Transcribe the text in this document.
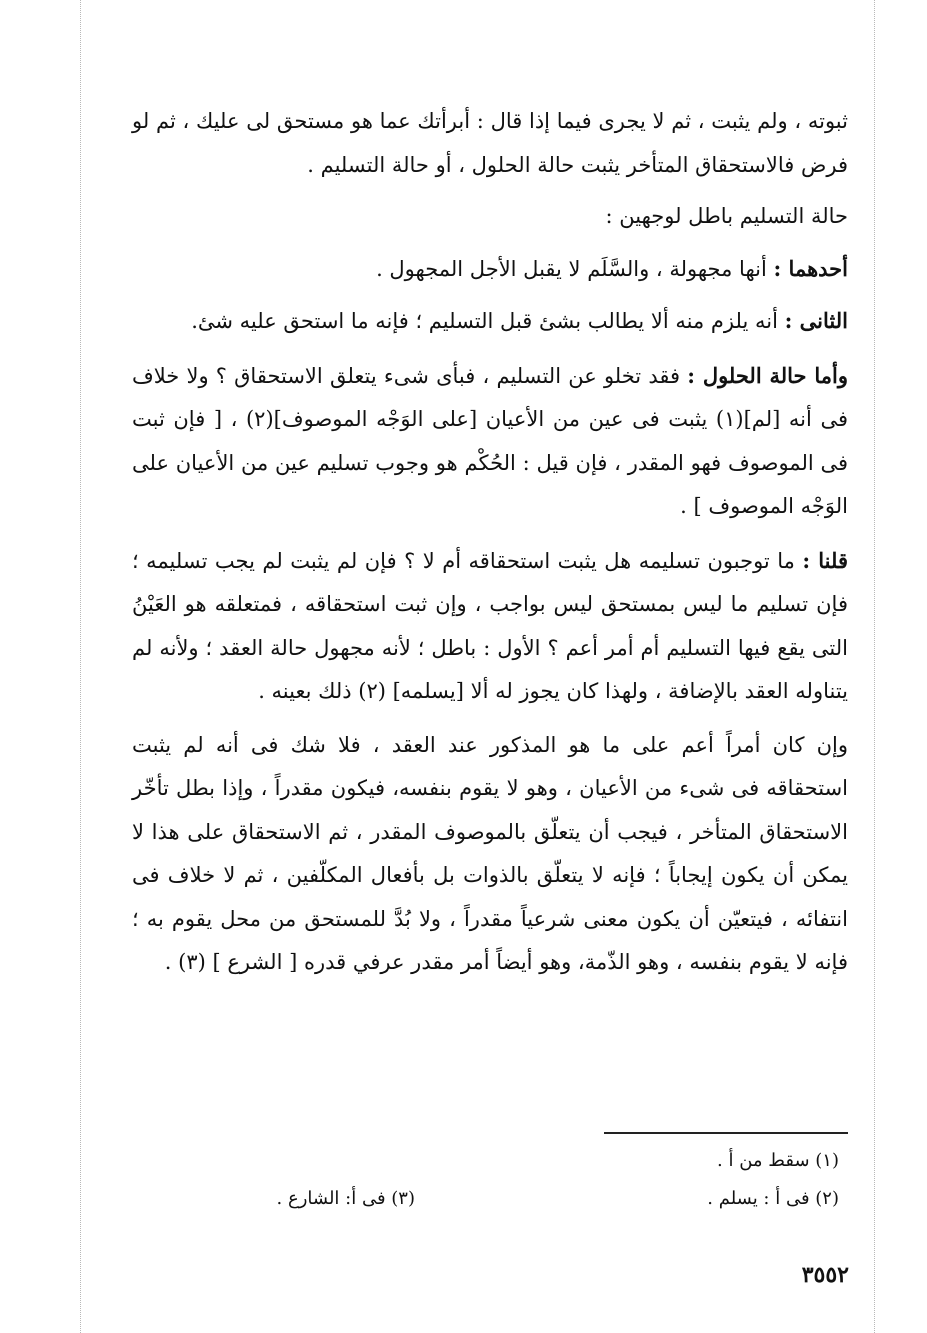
ثبوته ، ولم يثبت ، ثم لا يجرى فيما إذا قال : أبرأتك عما هو مستحق لى عليك ، ثم لو فرض فالاستحقاق المتأخر يثبت حالة الحلول ، أو حالة التسليم .

حالة التسليم باطل لوجهين :

أحدهما : أنها مجهولة ، والسَّلَم لا يقبل الأجل المجهول .

الثانى : أنه يلزم منه ألا يطالب بشئ قبل التسليم ؛ فإنه ما استحق عليه شئ.

وأما حالة الحلول : فقد تخلو عن التسليم ، فبأى شىء يتعلق الاستحقاق ؟ ولا خلاف فى أنه [لم](١) يثبت فى عين من الأعيان [على الوَجْه الموصوف](٢) ، [ فإن ثبت فى الموصوف فهو المقدر ، فإن قيل : الحُكْم هو وجوب تسليم عين من الأعيان على الوَجْه الموصوف ] .

قلنا : ما توجبون تسليمه هل يثبت استحقاقه أم لا ؟ فإن لم يثبت لم يجب تسليمه ؛ فإن تسليم ما ليس بمستحق ليس بواجب ، وإن ثبت استحقاقه ، فمتعلقه هو العَيْنُ التى يقع فيها التسليم أم أمر أعم ؟ الأول : باطل ؛ لأنه مجهول حالة العقد ؛ ولأنه لم يتناوله العقد بالإضافة ، ولهذا كان يجوز له ألا [يسلمه] (٢) ذلك بعينه .

وإن كان أمراً أعم على ما هو المذكور عند العقد ، فلا شك فى أنه لم يثبت استحقاقه فى شىء من الأعيان ، وهو لا يقوم بنفسه، فيكون مقدراً ، وإذا بطل تأخّر الاستحقاق المتأخر ، فيجب أن يتعلّق بالموصوف المقدر ، ثم الاستحقاق على هذا لا يمكن أن يكون إيجاباً ؛ فإنه لا يتعلّق بالذوات بل بأفعال المكلّفين ، ثم لا خلاف فى انتفائه ، فيتعيّن أن يكون معنى شرعياً مقدراً ، ولا بُدَّ للمستحق من محل يقوم به ؛ فإنه لا يقوم بنفسه ، وهو الذّمة، وهو أيضاً أمر مقدر عرفي قدره [ الشرع ] (٣) .

(١) سقط من أ .
(٢) فى أ : يسلم .
(٣) فى أ: الشارع .
٣٥٥٢
